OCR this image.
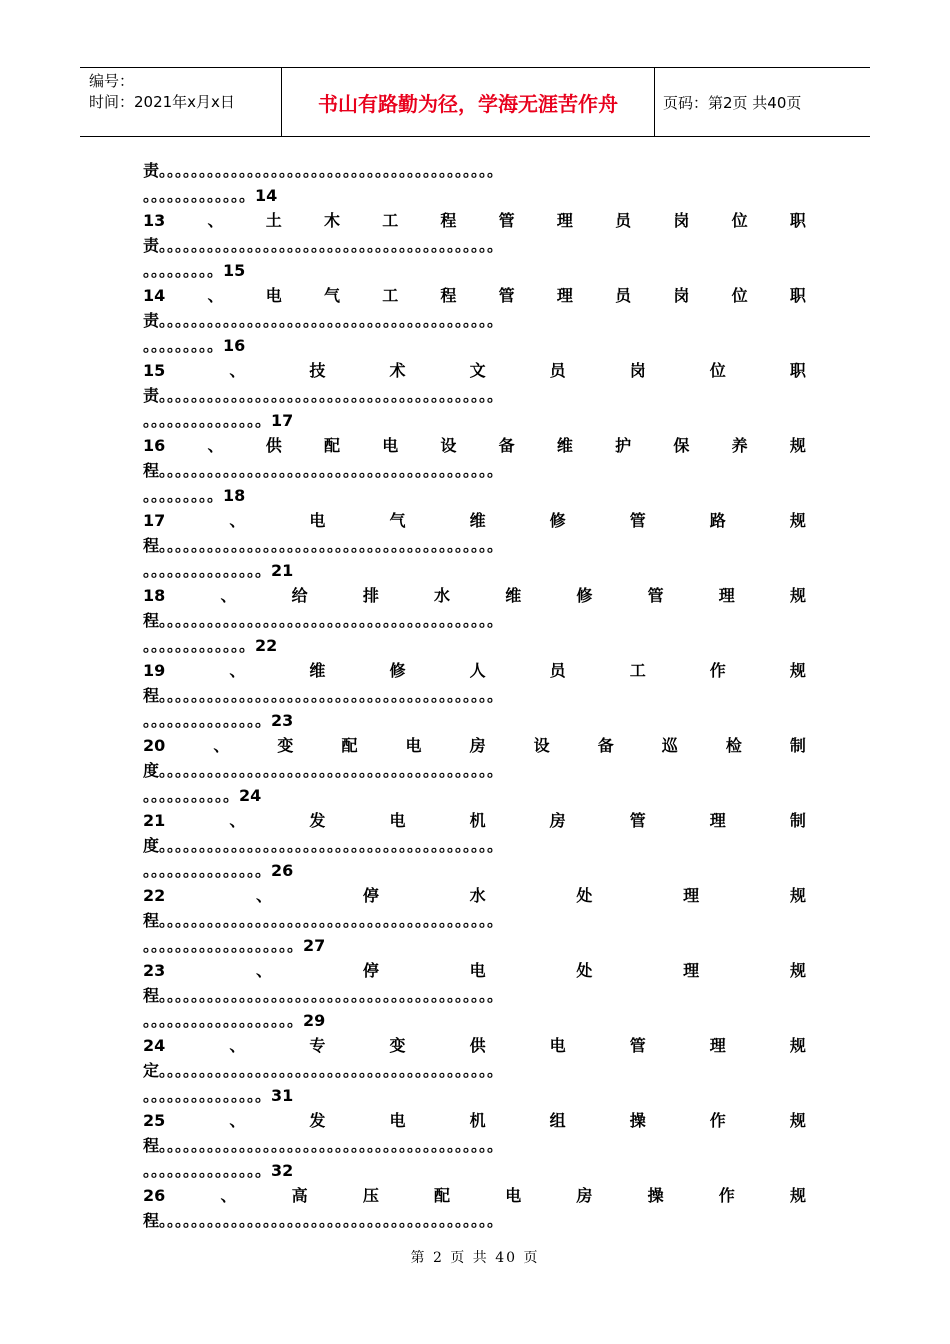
编号：
时间：2021年x月x日	书山有路勤为径，学海无涯苦作舟	页码：第2页 共40页
责。。。。。。。。。。。。。。。。。。。。。。。。。。。。。。。。。。。。。。。。。。
。。。。。。。。。。。。。14
13	、	土	木	工	程	管	理	员	岗	位	职
责。。。。。。。。。。。。。。。。。。。。。。。。。。。。。。。。。。。。。。。。。。
。。。。。。。。。15
14	、	电	气	工	程	管	理	员	岗	位	职
责。。。。。。。。。。。。。。。。。。。。。。。。。。。。。。。。。。。。。。。。。。
。。。。。。。。。16
15	、	技	术	文	员	岗	位	职
责。。。。。。。。。。。。。。。。。。。。。。。。。。。。。。。。。。。。。。。。。。
。。。。。。。。。。。。。。。17
16	、	供	配	电	设	备	维	护	保	养	规
程。。。。。。。。。。。。。。。。。。。。。。。。。。。。。。。。。。。。。。。。。。
。。。。。。。。。18
17	、	电	气	维	修	管	路	规
程。。。。。。。。。。。。。。。。。。。。。。。。。。。。。。。。。。。。。。。。。。
。。。。。。。。。。。。。。。21
18	、	给	排	水	维	修	管	理	规
程。。。。。。。。。。。。。。。。。。。。。。。。。。。。。。。。。。。。。。。。。。
。。。。。。。。。。。。。22
19	、	维	修	人	员	工	作	规
程。。。。。。。。。。。。。。。。。。。。。。。。。。。。。。。。。。。。。。。。。。
。。。。。。。。。。。。。。。23
20	、	变	配	电	房	设	备	巡	检	制
度。。。。。。。。。。。。。。。。。。。。。。。。。。。。。。。。。。。。。。。。。。
。。。。。。。。。。。24
21	、	发	电	机	房	管	理	制
度。。。。。。。。。。。。。。。。。。。。。。。。。。。。。。。。。。。。。。。。。。
。。。。。。。。。。。。。。。26
22	、	停	水	处	理	规
程。。。。。。。。。。。。。。。。。。。。。。。。。。。。。。。。。。。。。。。。。。
。。。。。。。。。。。。。。。。。。。27
23	、	停	电	处	理	规
程。。。。。。。。。。。。。。。。。。。。。。。。。。。。。。。。。。。。。。。。。。
。。。。。。。。。。。。。。。。。。。29
24	、	专	变	供	电	管	理	规
定。。。。。。。。。。。。。。。。。。。。。。。。。。。。。。。。。。。。。。。。。。
。。。。。。。。。。。。。。。31
25	、	发	电	机	组	操	作	规
程。。。。。。。。。。。。。。。。。。。。。。。。。。。。。。。。。。。。。。。。。。
。。。。。。。。。。。。。。。32
26	、	高	压	配	电	房	操	作	规
程。。。。。。。。。。。。。。。。。。。。。。。。。。。。。。。。。。。。。。。。。。
第 2 页 共 40 页
